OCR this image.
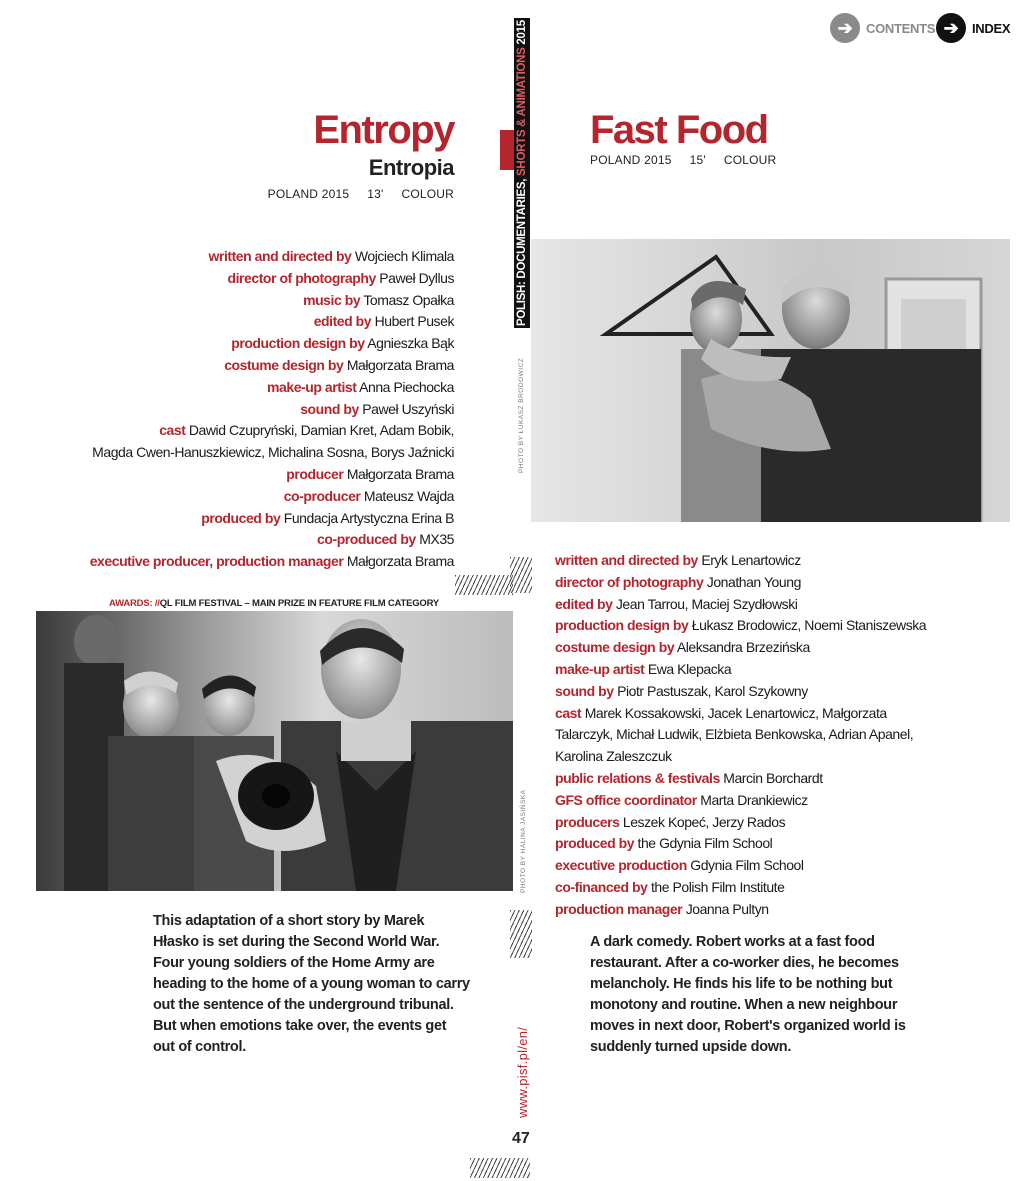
➔	CONTENTS ➔	INDEX
POLISH: DOCUMENTARIES, SHORTS & ANIMATIONS 2015
Entropy
Entropia
POLAND 2015 13' COLOUR
written and directed by Wojciech Klimala
director of photography Paweł Dyllus
music by Tomasz Opałka
edited by Hubert Pusek
production design by Agnieszka Bąk
costume design by Małgorzata Brama
make-up artist Anna Piechocka
sound by Paweł Uszyński
cast Dawid Czupryński, Damian Kret, Adam Bobik,
Magda Cwen-Hanuszkiewicz, Michalina Sosna, Borys Jaźnicki
producer Małgorzata Brama
co-producer Mateusz Wajda
produced by Fundacja Artystyczna Erina B
co-produced by MX35
executive producer, production manager Małgorzata Brama
AWARDS: //QL FILM FESTIVAL – MAIN PRIZE IN FEATURE FILM CATEGORY
PHOTO BY HALINA JASIŃSKA
This adaptation of a short story by Marek Hłasko is set during the Second World War. Four young soldiers of the Home Army are heading to the home of a young woman to carry out the sentence of the underground tribunal. But when emotions take over, the events get out of control.
Fast Food
POLAND 2015 15' COLOUR
PHOTO BY ŁUKASZ BRODOWICZ
written and directed by Eryk Lenartowicz
director of photography Jonathan Young
edited by Jean Tarrou, Maciej Szydłowski
production design by Łukasz Brodowicz, Noemi Staniszewska
costume design by Aleksandra Brzezińska
make-up artist Ewa Klepacka
sound by Piotr Pastuszak, Karol Szykowny
cast Marek Kossakowski, Jacek Lenartowicz, Małgorzata
Talarczyk, Michał Ludwik, Elżbieta Benkowska, Adrian Apanel,
Karolina Zaleszczuk
public relations & festivals Marcin Borchardt
GFS office coordinator Marta Drankiewicz
producers Leszek Kopeć, Jerzy Rados
produced by the Gdynia Film School
executive production Gdynia Film School
co-financed by the Polish Film Institute
production manager Joanna Pultyn
A dark comedy. Robert works at a fast food restaurant. After a co-worker dies, he becomes melancholy. He finds his life to be nothing but monotony and routine. When a new neighbour moves in next door, Robert's organized world is suddenly turned upside down.
www.pisf.pl/en/
47
